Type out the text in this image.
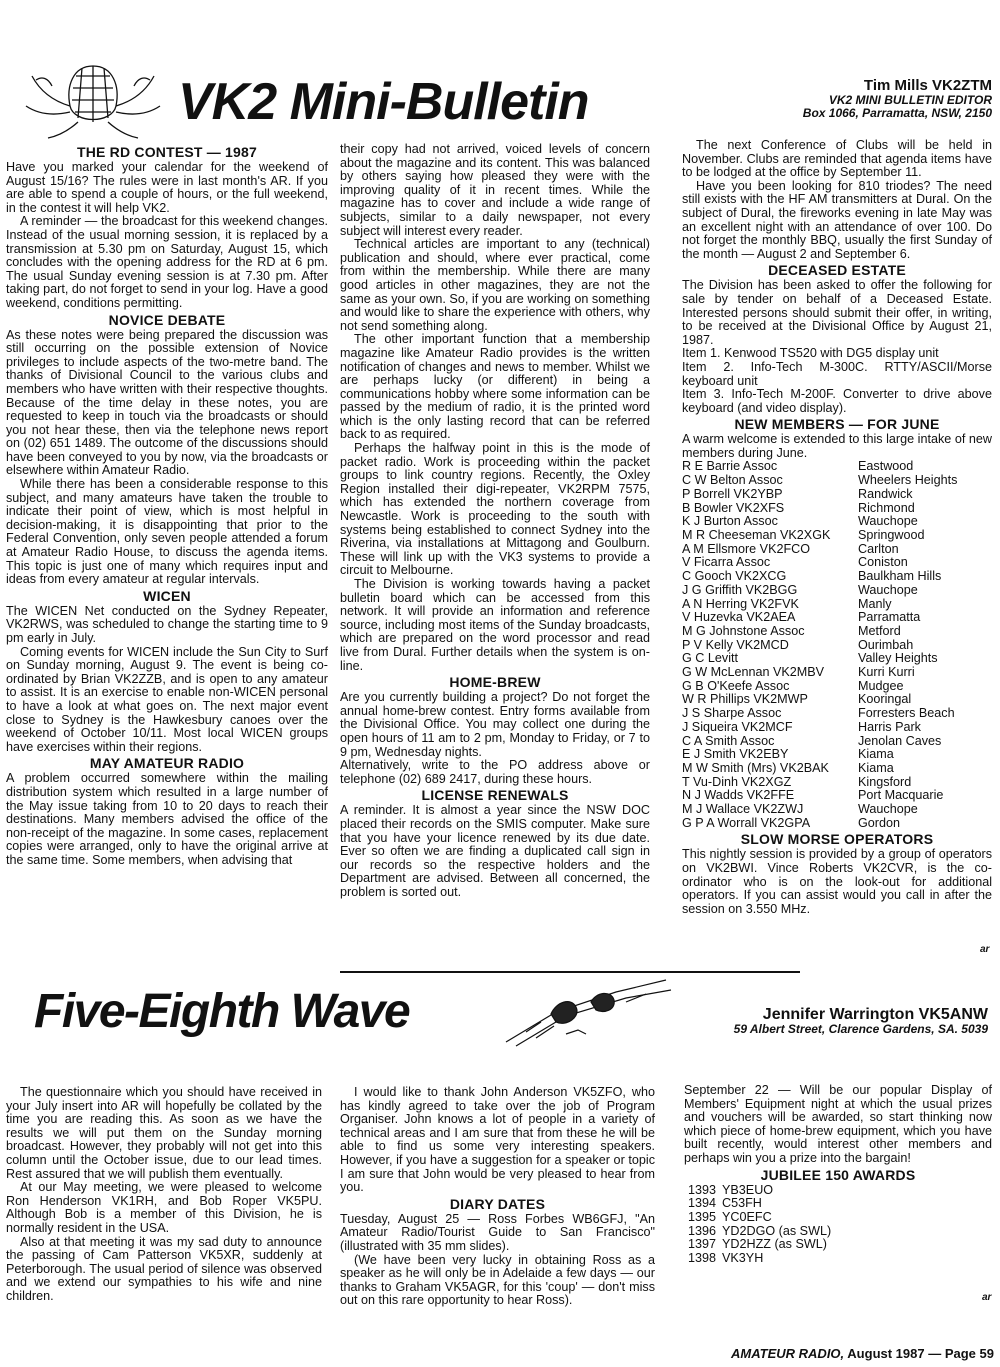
VK2 Mini-Bulletin	Tim Mills VK2ZTM
VK2 MINI BULLETIN EDITOR
Box 1066, Parramatta, NSW, 2150
THE RD CONTEST — 1987

Have you marked your calendar for the weekend of August 15/16? The rules were in last month's AR. If you are able to spend a couple of hours, or the full weekend, in the contest it will help VK2.

A reminder — the broadcast for this weekend changes. Instead of the usual morning session, it is replaced by a transmission at 5.30 pm on Saturday, August 15, which concludes with the opening address for the RD at 6 pm. The usual Sunday evening session is at 7.30 pm. After taking part, do not forget to send in your log. Have a good weekend, conditions permitting.

NOVICE DEBATE

As these notes were being prepared the discussion was still occurring on the possible extension of Novice privileges to include aspects of the two-metre band. The thanks of Divisional Council to the various clubs and members who have written with their respective thoughts. Because of the time delay in these notes, you are requested to keep in touch via the broadcasts or should you not hear these, then via the telephone news report on (02) 651 1489. The outcome of the discussions should have been conveyed to you by now, via the broadcasts or elsewhere within Amateur Radio.

While there has been a considerable response to this subject, and many amateurs have taken the trouble to indicate their point of view, which is most helpful in decision-making, it is disappointing that prior to the Federal Convention, only seven people attended a forum at Amateur Radio House, to discuss the agenda items. This topic is just one of many which requires input and ideas from every amateur at regular intervals.

WICEN

The WICEN Net conducted on the Sydney Repeater, VK2RWS, was scheduled to change the starting time to 9 pm early in July.

Coming events for WICEN include the Sun City to Surf on Sunday morning, August 9. The event is being co-ordinated by Brian VK2ZZB, and is open to any amateur to assist. It is an exercise to enable non-WICEN personal to have a look at what goes on. The next major event close to Sydney is the Hawkesbury canoes over the weekend of October 10/11. Most local WICEN groups have exercises within their regions.

MAY AMATEUR RADIO

A problem occurred somewhere within the mailing distribution system which resulted in a large number of the May issue taking from 10 to 20 days to reach their destinations. Many members advised the office of the non-receipt of the magazine. In some cases, replacement copies were arranged, only to have the original arrive at the same time. Some members, when advising that

their copy had not arrived, voiced levels of concern about the magazine and its content. This was balanced by others saying how pleased they were with the improving quality of it in recent times. While the magazine has to cover and include a wide range of subjects, similar to a daily newspaper, not every subject will interest every reader.

Technical articles are important to any (technical) publication and should, where ever practical, come from within the membership. While there are many good articles in other magazines, they are not the same as your own. So, if you are working on something and would like to share the experience with others, why not send something along.

The other important function that a membership magazine like Amateur Radio provides is the written notification of changes and news to member. Whilst we are perhaps lucky (or different) in being a communications hobby where some information can be passed by the medium of radio, it is the printed word which is the only lasting record that can be referred back to as required.

Perhaps the halfway point in this is the mode of packet radio. Work is proceeding within the packet groups to link country regions. Recently, the Oxley Region installed their digi-repeater, VK2RPM 7575, which has extended the northern coverage from Newcastle. Work is proceeding to the south with systems being established to connect Sydney into the Riverina, via installations at Mittagong and Goulburn. These will link up with the VK3 systems to provide a circuit to Melbourne.

The Division is working towards having a packet bulletin board which can be accessed from this network. It will provide an information and reference source, including most items of the Sunday broadcasts, which are prepared on the word processor and read live from Dural. Further details when the system is on-line.

HOME-BREW

Are you currently building a project? Do not forget the annual home-brew contest. Entry forms available from the Divisional Office. You may collect one during the open hours of 11 am to 2 pm, Monday to Friday, or 7 to 9 pm, Wednesday nights.

Alternatively, write to the PO address above or telephone (02) 689 2417, during these hours.

LICENSE RENEWALS

A reminder. It is almost a year since the NSW DOC placed their records on the SMIS computer. Make sure that you have your licence renewed by its due date. Ever so often we are finding a duplicated call sign in our records so the respective holders and the Department are advised. Between all concerned, the problem is sorted out.

The next Conference of Clubs will be held in November. Clubs are reminded that agenda items have to be lodged at the office by September 11.

Have you been looking for 810 triodes? The need still exists with the HF AM transmitters at Dural. On the subject of Dural, the fireworks evening in late May was an excellent night with an attendance of over 100. Do not forget the monthly BBQ, usually the first Sunday of the month — August 2 and September 6.

DECEASED ESTATE

The Division has been asked to offer the following for sale by tender on behalf of a Deceased Estate. Interested persons should submit their offer, in writing, to be received at the Divisional Office by August 21, 1987.

Item 1. Kenwood TS520 with DG5 display unit

Item 2. Info-Tech M-300C. RTTY/ASCII/Morse keyboard unit

Item 3. Info-Tech M-200F. Converter to drive above keyboard (and video display).

NEW MEMBERS — FOR JUNE

A warm welcome is extended to this large intake of new members during June.

R E Barrie Assoc	Eastwood
C W Belton Assoc	Wheelers Heights
P Borrell VK2YBP	Randwick
B Bowler VK2XFS	Richmond
K J Burton Assoc	Wauchope
M R Cheeseman VK2XGK	Springwood
A M Ellsmore VK2FCO	Carlton
V Ficarra Assoc	Coniston
C Gooch VK2XCG	Baulkham Hills
J G Griffith VK2BGG	Wauchope
A N Herring VK2FVK	Manly
V Huzevka VK2AEA	Parramatta
M G Johnstone Assoc	Metford
P V Kelly VK2MCD	Ourimbah
G C Levitt	Valley Heights
G W McLennan VK2MBV	Kurri Kurri
G B O'Keefe Assoc	Mudgee
W R Phillips VK2MWP	Kooringal
J S Sharpe Assoc	Forresters Beach
J Siqueira VK2MCF	Harris Park
C A Smith Assoc	Jenolan Caves
E J Smith VK2EBY	Kiama
M W Smith (Mrs) VK2BAK	Kiama
T Vu-Dinh VK2XGZ	Kingsford
N J Wadds VK2FFE	Port Macquarie
M J Wallace VK2ZWJ	Wauchope
G P A Worrall VK2GPA	Gordon
SLOW MORSE OPERATORS

This nightly session is provided by a group of operators on VK2BWI. Vince Roberts VK2CVR, is the co-ordinator who is on the look-out for additional operators. If you can assist would you call in after the session on 3.550 MHz.

ar
Five-Eighth Wave	Jennifer Warrington VK5ANW
59 Albert Street, Clarence Gardens, SA. 5039

The questionnaire which you should have received in your July insert into AR will hopefully be collated by the time you are reading this. As soon as we have the results we will put them on the Sunday morning broadcast. However, they probably will not get into this column until the October issue, due to our lead times. Rest assured that we will publish them eventually.

At our May meeting, we were pleased to welcome Ron Henderson VK1RH, and Bob Roper VK5PU. Although Bob is a member of this Division, he is normally resident in the USA.

Also at that meeting it was my sad duty to announce the passing of Cam Patterson VK5XR, suddenly at Peterborough. The usual period of silence was observed and we extend our sympathies to his wife and nine children.

I would like to thank John Anderson VK5ZFO, who has kindly agreed to take over the job of Program Organiser. John knows a lot of people in a variety of technical areas and I am sure that from these he will be able to find us some very interesting speakers. However, if you have a suggestion for a speaker or topic I am sure that John would be very pleased to hear from you.

DIARY DATES

Tuesday, August 25 — Ross Forbes WB6GFJ, "An Amateur Radio/Tourist Guide to San Francisco" (illustrated with 35 mm slides).

(We have been very lucky in obtaining Ross as a speaker as he will only be in Adelaide a few days — our thanks to Graham VK5AGR, for this 'coup' — don't miss out on this rare opportunity to hear Ross).

September 22 — Will be our popular Display of Members' Equipment night at which the usual prizes and vouchers will be awarded, so start thinking now which piece of home-brew equipment, which you have built recently, would interest other members and perhaps win you a prize into the bargain!

JUBILEE 150 AWARDS
1393 YB3EUO
1394 C53FH
1395 YC0EFC
1396 YD2DGO (as SWL)
1397 YD2HZZ (as SWL)
1398 VK3YH
ar
AMATEUR RADIO, August 1987 — Page 59
